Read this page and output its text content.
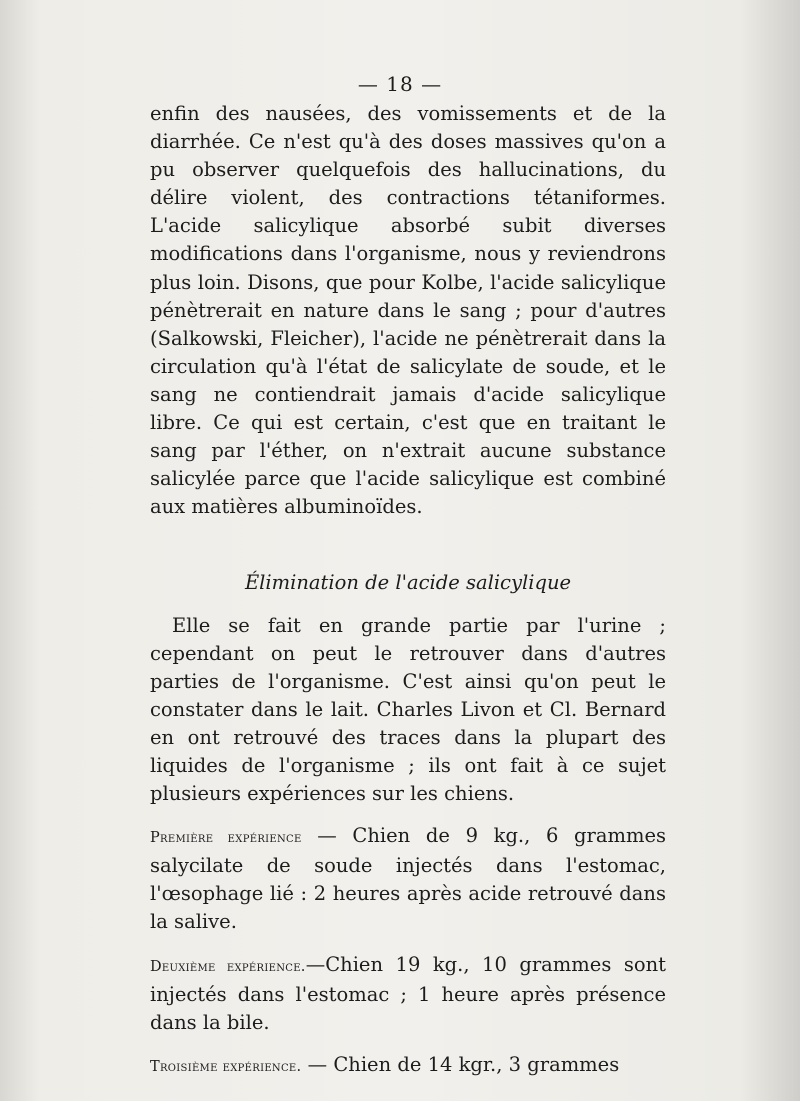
— 18 —

enfin des nausées, des vomissements et de la diarrhée. Ce n'est qu'à des doses massives qu'on a pu observer quelquefois des hallucinations, du délire violent, des contractions tétaniformes. L'acide salicylique absorbé subit diverses modifications dans l'organisme, nous y reviendrons plus loin. Disons, que pour Kolbe, l'acide salicylique pénètrerait en nature dans le sang ; pour d'autres (Salkowski, Fleicher), l'acide ne pénètrerait dans la circulation qu'à l'état de salicylate de soude, et le sang ne contiendrait jamais d'acide salicylique libre. Ce qui est certain, c'est que en traitant le sang par l'éther, on n'extrait aucune substance salicylée parce que l'acide salicylique est combiné aux matières albuminoïdes.

Élimination de l'acide salicylique

Elle se fait en grande partie par l'urine ; cependant on peut le retrouver dans d'autres parties de l'organisme. C'est ainsi qu'on peut le constater dans le lait. Charles Livon et Cl. Bernard en ont retrouvé des traces dans la plupart des liquides de l'organisme ; ils ont fait à ce sujet plusieurs expériences sur les chiens.

Première expérience — Chien de 9 kg., 6 grammes salycilate de soude injectés dans l'estomac, l'œsophage lié : 2 heures après acide retrouvé dans la salive.

Deuxième expérience.—Chien 19 kg., 10 grammes sont injectés dans l'estomac ; 1 heure après présence dans la bile.

Troisième expérience. — Chien de 14 kgr., 3 grammes
